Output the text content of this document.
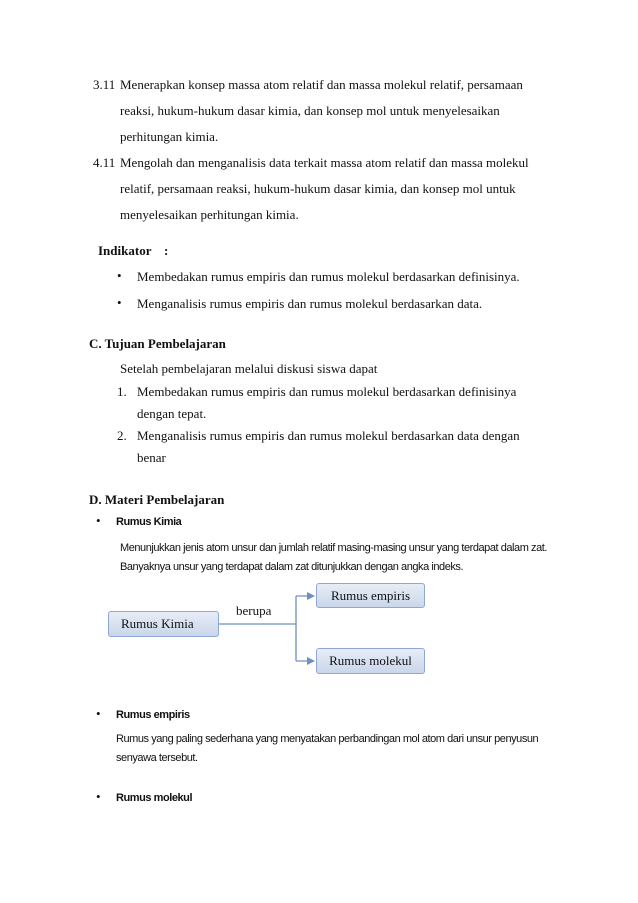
3.11 Menerapkan konsep massa atom relatif dan massa molekul relatif, persamaan
reaksi, hukum-hukum dasar kimia, dan konsep mol untuk menyelesaikan
perhitungan kimia.
4.11 Mengolah dan menganalisis data terkait massa atom relatif dan massa molekul
relatif, persamaan reaksi, hukum-hukum dasar kimia, dan konsep mol untuk
menyelesaikan perhitungan kimia.
Indikator :
• Membedakan rumus empiris dan rumus molekul berdasarkan definisinya.
• Menganalisis rumus empiris dan rumus molekul berdasarkan data.
C. Tujuan Pembelajaran
Setelah pembelajaran melalui diskusi siswa dapat
1. Membedakan rumus empiris dan rumus molekul berdasarkan definisinya
dengan tepat.
2. Menganalisis rumus empiris dan rumus molekul berdasarkan data dengan
benar
D. Materi Pembelajaran
• Rumus Kimia
Menunjukkan jenis atom unsur dan jumlah relatif masing-masing unsur yang terdapat dalam zat.
Banyaknya unsur yang terdapat dalam zat ditunjukkan dengan angka indeks.
Rumus Kimia
berupa
Rumus empiris
Rumus molekul
• Rumus empiris
Rumus yang paling sederhana yang menyatakan perbandingan mol atom dari unsur penyusun
senyawa tersebut.
• Rumus molekul
